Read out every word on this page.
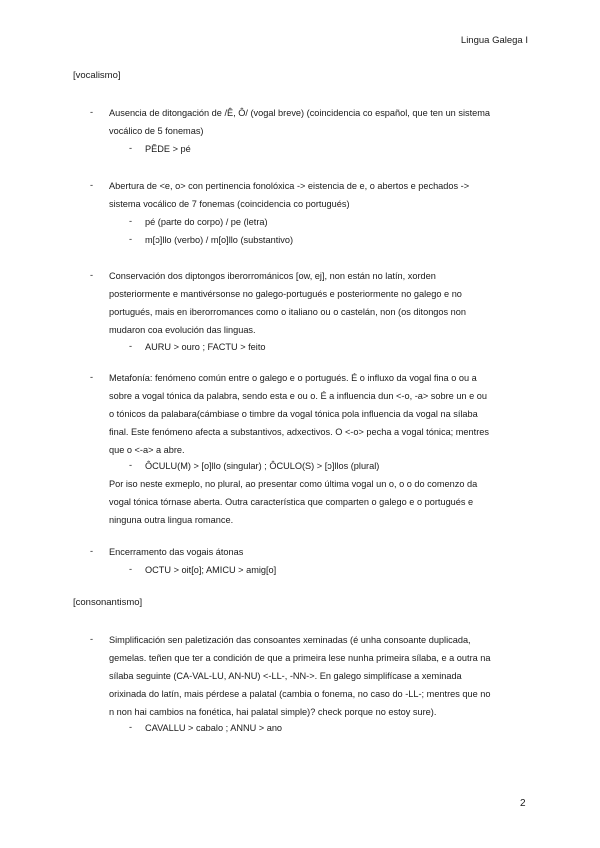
Lingua Galega I
[vocalismo]
- Ausencia de ditongación de /Ê, Ô/ (vogal breve) (coincidencia co español, que ten un sistema
vocálico de 5 fonemas)
- PĔDE > pé
- Abertura de <e, o> con pertinencia fonolóxica -> eistencia de e, o abertos e pechados ->
sistema vocálico de 7 fonemas (coincidencia co portugués)
- pé (parte do corpo) / pe (letra)
- m[ɔ]llo (verbo) / m[o]llo (substantivo)
- Conservación dos diptongos iberorrománicos [ow, ej], non están no latín, xorden
posteriormente e mantivérsonse no galego-portugués e posteriormente no galego e no
portugués, mais en iberorromances como o italiano ou o castelán, non (os ditongos non
mudaron coa evolución das linguas.
- AURU > ouro ; FACTU > feito
- Metafonía: fenómeno común entre o galego e o portugués. É o influxo da vogal fina o ou a
sobre a vogal tónica da palabra, sendo esta e ou o. É a influencia dun <-o, -a> sobre un e ou
o tónicos da palabara(cámbiase o timbre da vogal tónica pola influencia da vogal na sílaba
final. Este fenómeno afecta a substantivos, adxectivos. O <-o> pecha a vogal tónica; mentres
que o <-a> a abre.
- ÔCULU(M) > [o]llo (singular) ; ÔCULO(S) > [ɔ]llos (plural)
Por iso neste exmeplo, no plural, ao presentar como última vogal un o, o o do comenzo da
vogal tónica tórnase aberta. Outra característica que comparten o galego e o portugués e
ninguna outra lingua romance.
- Encerramento das vogais átonas
- OCTU > oit[o]; AMICU > amig[o]
[consonantismo]
- Simplificación sen paletización das consoantes xeminadas (é unha consoante duplicada,
gemelas. teñen que ter a condición de que a primeira lese nunha primeira sílaba, e a outra na
sílaba seguinte (CA-VAL-LU, AN-NU) <-LL-, -NN->. En galego simplifícase a xeminada
orixinada do latín, mais pérdese a palatal (cambia o fonema, no caso do -LL-; mentres que no
n non hai cambios na fonética, hai palatal simple)? check porque no estoy sure).
- CAVALLU > cabalo ; ANNU > ano
2
